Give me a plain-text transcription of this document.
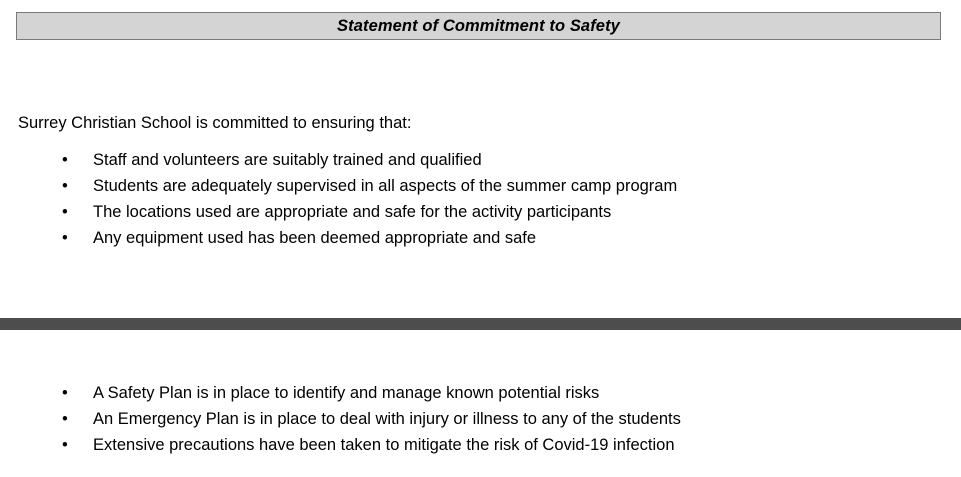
Statement of Commitment to Safety
Surrey Christian School is committed to ensuring that:
• Staff and volunteers are suitably trained and qualified
• Students are adequately supervised in all aspects of the summer camp program
• The locations used are appropriate and safe for the activity participants
• Any equipment used has been deemed appropriate and safe
• A Safety Plan is in place to identify and manage known potential risks
• An Emergency Plan is in place to deal with injury or illness to any of the students
• Extensive precautions have been taken to mitigate the risk of Covid-19 infection
